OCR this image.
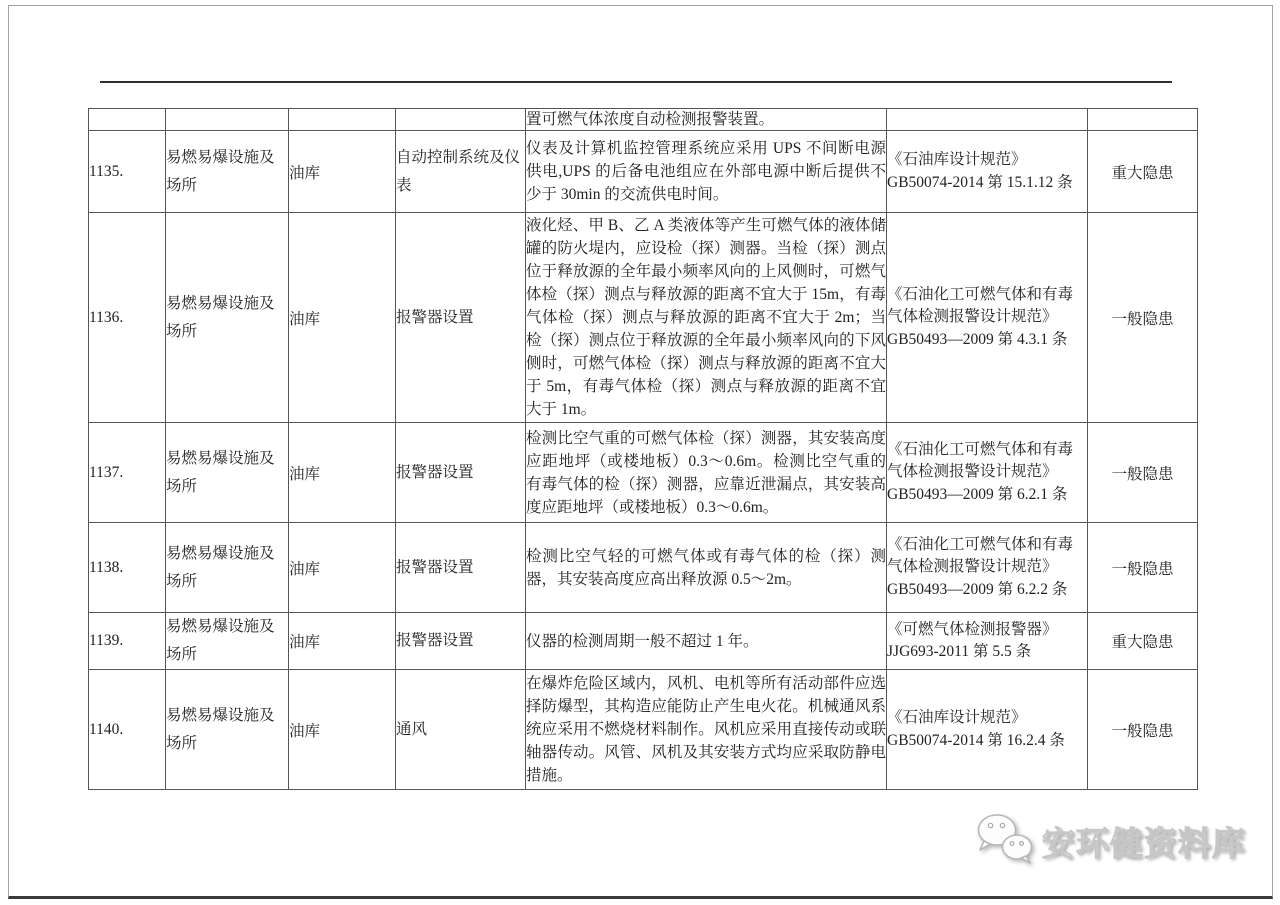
				置可燃气体浓度自动检测报警装置。		
1135.	易燃易爆设施及场所	油库	自动控制系统及仪表	仪表及计算机监控管理系统应采用 UPS 不间断电源供电,UPS 的后备电池组应在外部电源中断后提供不少于 30min 的交流供电时间。	《石油库设计规范》GB50074-2014 第 15.1.12 条	重大隐患
1136.	易燃易爆设施及场所	油库	报警器设置	液化烃、甲 B、乙 A 类液体等产生可燃气体的液体储罐的防火堤内，应设检（探）测器。当检（探）测点位于释放源的全年最小频率风向的上风侧时，可燃气体检（探）测点与释放源的距离不宜大于 15m，有毒气体检（探）测点与释放源的距离不宜大于 2m；当检（探）测点位于释放源的全年最小频率风向的下风侧时，可燃气体检（探）测点与释放源的距离不宜大于 5m，有毒气体检（探）测点与释放源的距离不宜大于 1m。	《石油化工可燃气体和有毒气体检测报警设计规范》GB50493—2009 第 4.3.1 条	一般隐患
1137.	易燃易爆设施及场所	油库	报警器设置	检测比空气重的可燃气体检（探）测器，其安装高度应距地坪（或楼地板）0.3～0.6m。检测比空气重的有毒气体的检（探）测器，应靠近泄漏点，其安装高度应距地坪（或楼地板）0.3～0.6m。	《石油化工可燃气体和有毒气体检测报警设计规范》GB50493—2009 第 6.2.1 条	一般隐患
1138.	易燃易爆设施及场所	油库	报警器设置	检测比空气轻的可燃气体或有毒气体的检（探）测器，其安装高度应高出释放源 0.5～2m。	《石油化工可燃气体和有毒气体检测报警设计规范》GB50493—2009 第 6.2.2 条	一般隐患
1139.	易燃易爆设施及场所	油库	报警器设置	仪器的检测周期一般不超过 1 年。	《可燃气体检测报警器》JJG693-2011 第 5.5 条	重大隐患
1140.	易燃易爆设施及场所	油库	通风	在爆炸危险区域内，风机、电机等所有活动部件应选择防爆型，其构造应能防止产生电火花。机械通风系统应采用不燃烧材料制作。风机应采用直接传动或联轴器传动。风管、风机及其安装方式均应采取防静电措施。	《石油库设计规范》GB50074-2014 第 16.2.4 条	一般隐患
安环健资料库
